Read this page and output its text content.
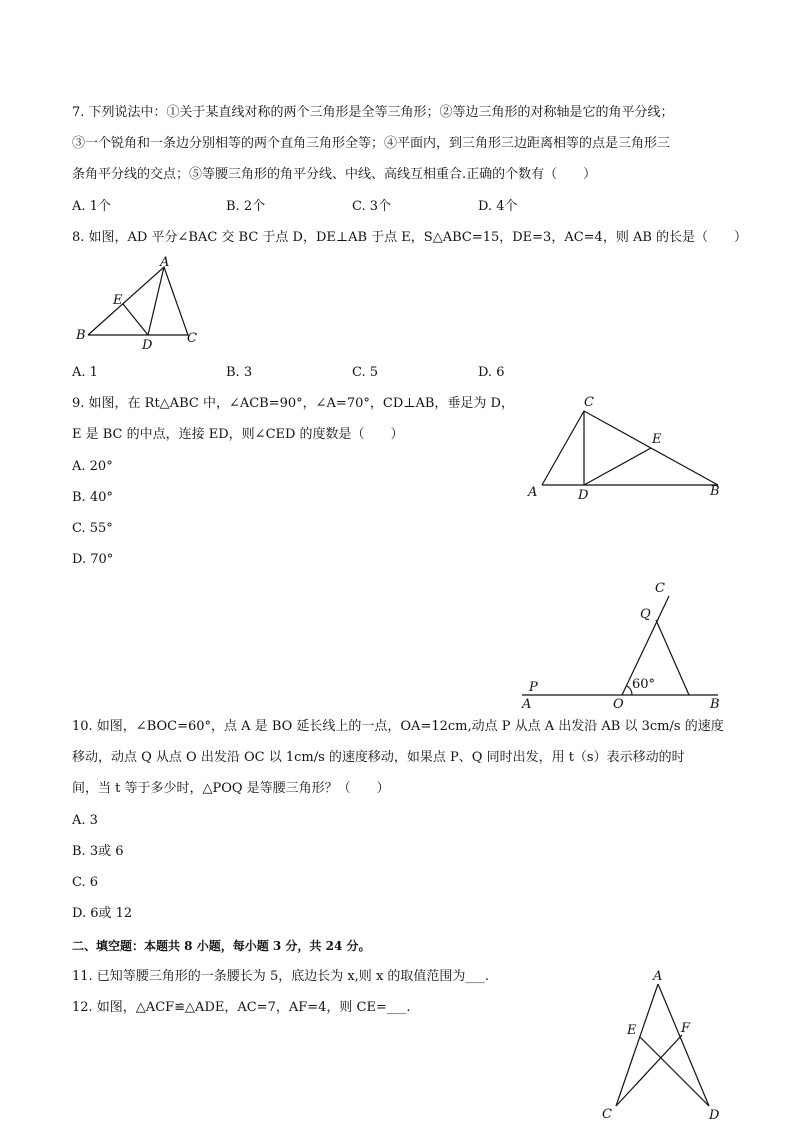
7. 下列说法中：①关于某直线对称的两个三角形是全等三角形；②等边三角形的对称轴是它的角平分线；
③一个锐角和一条边分别相等的两个直角三角形全等；④平面内，到三角形三边距离相等的点是三角形三
条角平分线的交点；⑤等腰三角形的角平分线、中线、高线互相重合.正确的个数有（　　）
A. 1个	B. 2个	C. 3个	D. 4个
8. 如图，AD 平分∠BAC 交 BC 于点 D，DE⊥AB 于点 E，S△ABC=15，DE=3，AC=4，则 AB 的长是（　　）
A
E
B
D	C
A. 1	B. 3	C. 5	D. 6
9. 如图，在 Rt△ABC 中，∠ACB=90°，∠A=70°，CD⊥AB，垂足为 D，
E 是 BC 的中点，连接 ED，则∠CED 的度数是（　　）
A. 20°
B. 40°
C. 55°
D. 70°
C
E
A	D	B
C
Q
P	60°
A	O	B
10. 如图，∠BOC=60°，点 A 是 BO 延长线上的一点，OA=12cm,动点 P 从点 A 出发沿 AB 以 3cm/s 的速度
移动，动点 Q 从点 O 出发沿 OC 以 1cm/s 的速度移动，如果点 P、Q 同时出发，用 t（s）表示移动的时
间，当 t 等于多少时，△POQ 是等腰三角形？（　　）
A. 3
B. 3或 6
C. 6
D. 6或 12
二、填空题：本题共 8 小题，每小题 3 分，共 24 分。
11. 已知等腰三角形的一条腰长为 5，底边长为 x,则 x 的取值范围为___.
12. 如图，△ACF≌△ADE，AC=7，AF=4，则 CE=___.
A
E	F
C	D
